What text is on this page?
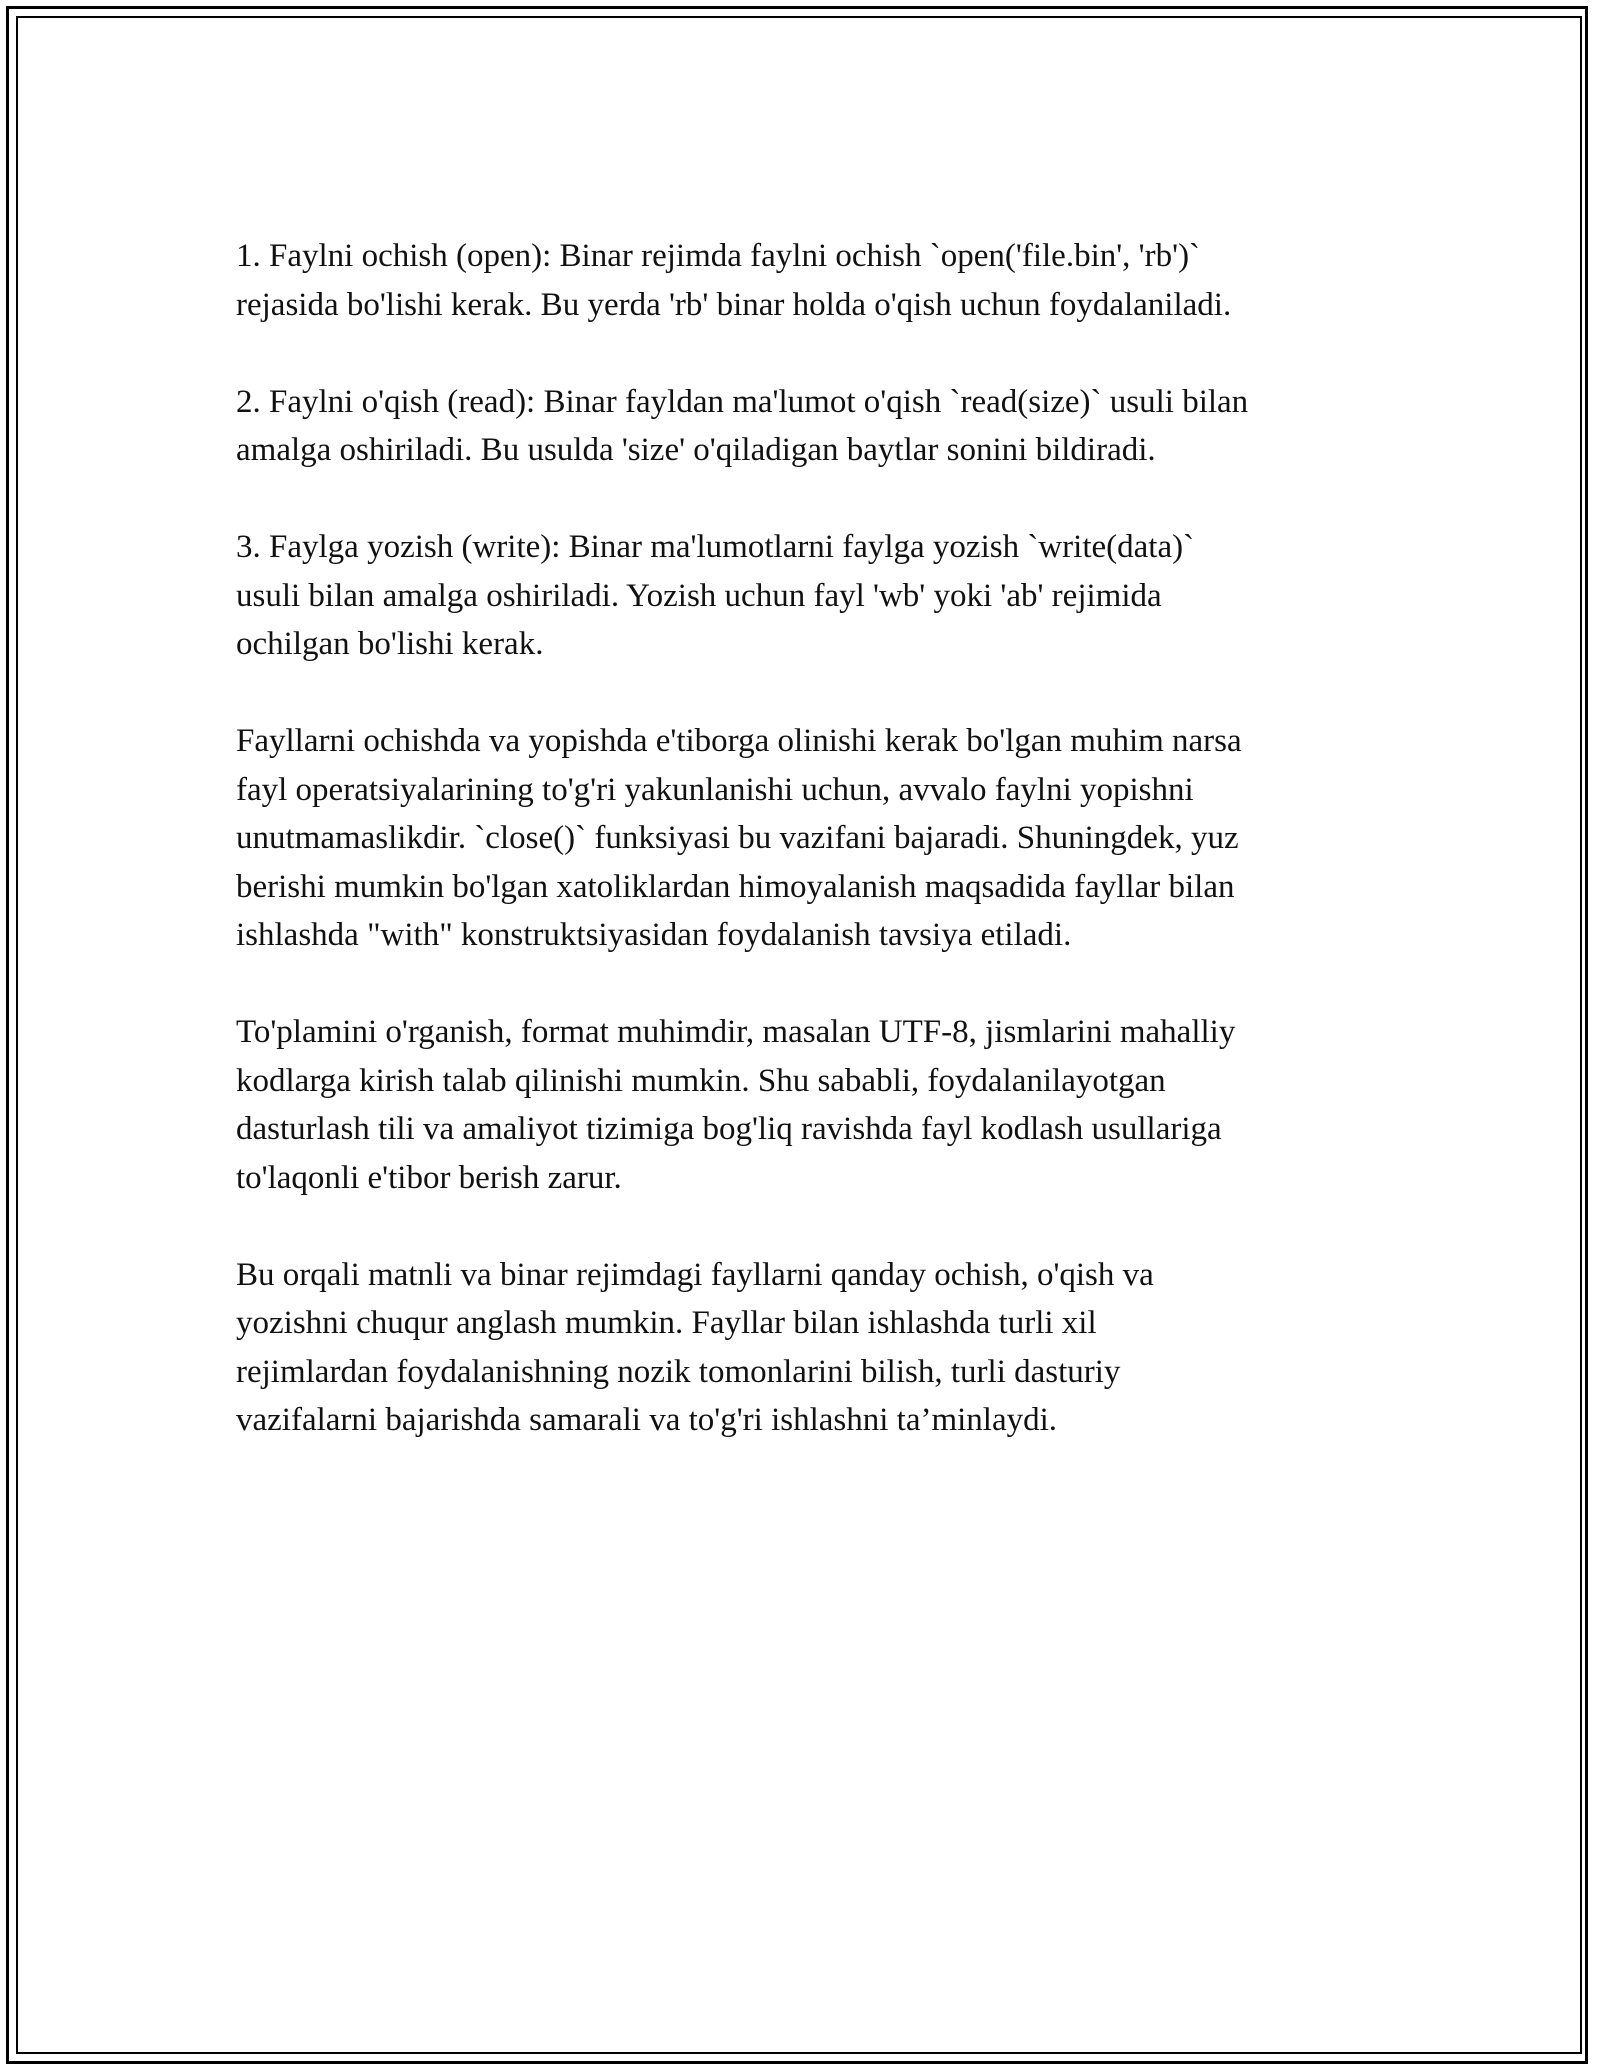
1. Faylni ochish (open): Binar rejimda faylni ochish `open('file.bin', 'rb')`
rejasida bo'lishi kerak. Bu yerda 'rb' binar holda o'qish uchun foydalaniladi.

2. Faylni o'qish (read): Binar fayldan ma'lumot o'qish `read(size)` usuli bilan
amalga oshiriladi. Bu usulda 'size' o'qiladigan baytlar sonini bildiradi.

3. Faylga yozish (write): Binar ma'lumotlarni faylga yozish `write(data)`
usuli bilan amalga oshiriladi. Yozish uchun fayl 'wb' yoki 'ab' rejimida
ochilgan bo'lishi kerak.

Fayllarni ochishda va yopishda e'tiborga olinishi kerak bo'lgan muhim narsa
fayl operatsiyalarining to'g'ri yakunlanishi uchun, avvalo faylni yopishni
unutmamaslikdir. `close()` funksiyasi bu vazifani bajaradi. Shuningdek, yuz
berishi mumkin bo'lgan xatoliklardan himoyalanish maqsadida fayllar bilan
ishlashda "with" konstruktsiyasidan foydalanish tavsiya etiladi.

To'plamini o'rganish, format muhimdir, masalan UTF-8, jismlarini mahalliy
kodlarga kirish talab qilinishi mumkin. Shu sababli, foydalanilayotgan
dasturlash tili va amaliyot tizimiga bog'liq ravishda fayl kodlash usullariga
to'laqonli e'tibor berish zarur.

Bu orqali matnli va binar rejimdagi fayllarni qanday ochish, o'qish va
yozishni chuqur anglash mumkin. Fayllar bilan ishlashda turli xil
rejimlardan foydalanishning nozik tomonlarini bilish, turli dasturiy
vazifalarni bajarishda samarali va to'g'ri ishlashni ta’minlaydi.
